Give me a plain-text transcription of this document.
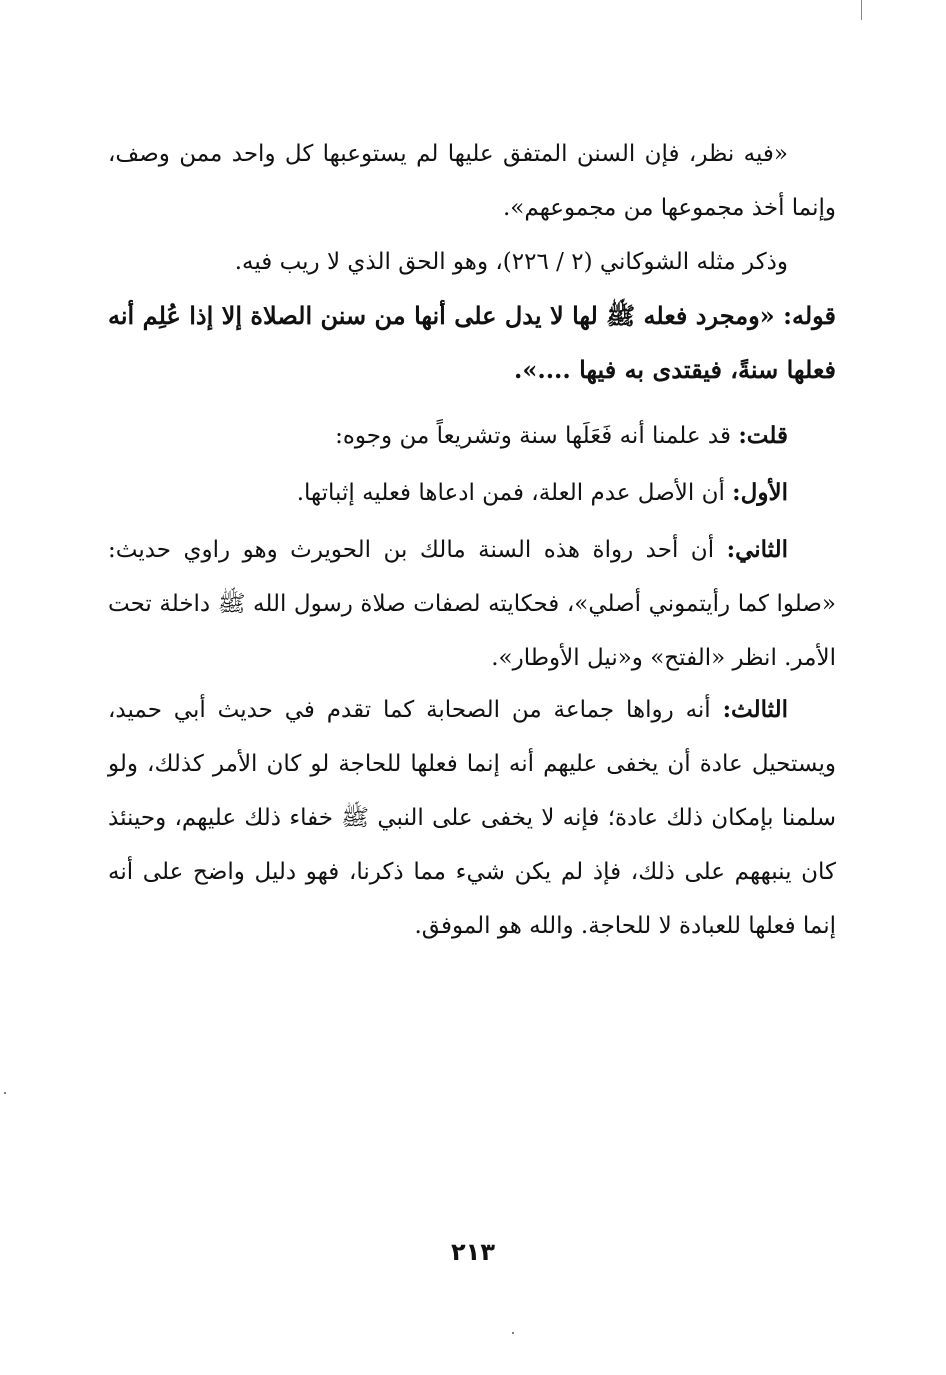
«فيه نظر، فإن السنن المتفق عليها لم يستوعبها كل واحد ممن وصف، وإنما أخذ مجموعها من مجموعهم».
وذكر مثله الشوكاني (٢ / ٢٢٦)، وهو الحق الذي لا ريب فيه.
قوله: «ومجرد فعله ﷺ لها لا يدل على أنها من سنن الصلاة إلا إذا عُلِم أنه فعلها سنةً، فيقتدى به فيها ....».
قلت: قد علمنا أنه فَعَلَها سنة وتشريعاً من وجوه:
الأول: أن الأصل عدم العلة، فمن ادعاها فعليه إثباتها.
الثاني: أن أحد رواة هذه السنة مالك بن الحويرث وهو راوي حديث: «صلوا كما رأيتموني أصلي»، فحكايته لصفات صلاة رسول الله ﷺ داخلة تحت الأمر. انظر «الفتح» و«نيل الأوطار».
الثالث: أنه رواها جماعة من الصحابة كما تقدم في حديث أبي حميد، ويستحيل عادة أن يخفى عليهم أنه إنما فعلها للحاجة لو كان الأمر كذلك، ولو سلمنا بإمكان ذلك عادة؛ فإنه لا يخفى على النبي ﷺ خفاء ذلك عليهم، وحينئذ كان ينبههم على ذلك، فإذ لم يكن شيء مما ذكرنا، فهو دليل واضح على أنه إنما فعلها للعبادة لا للحاجة. والله هو الموفق.
٢١٣
